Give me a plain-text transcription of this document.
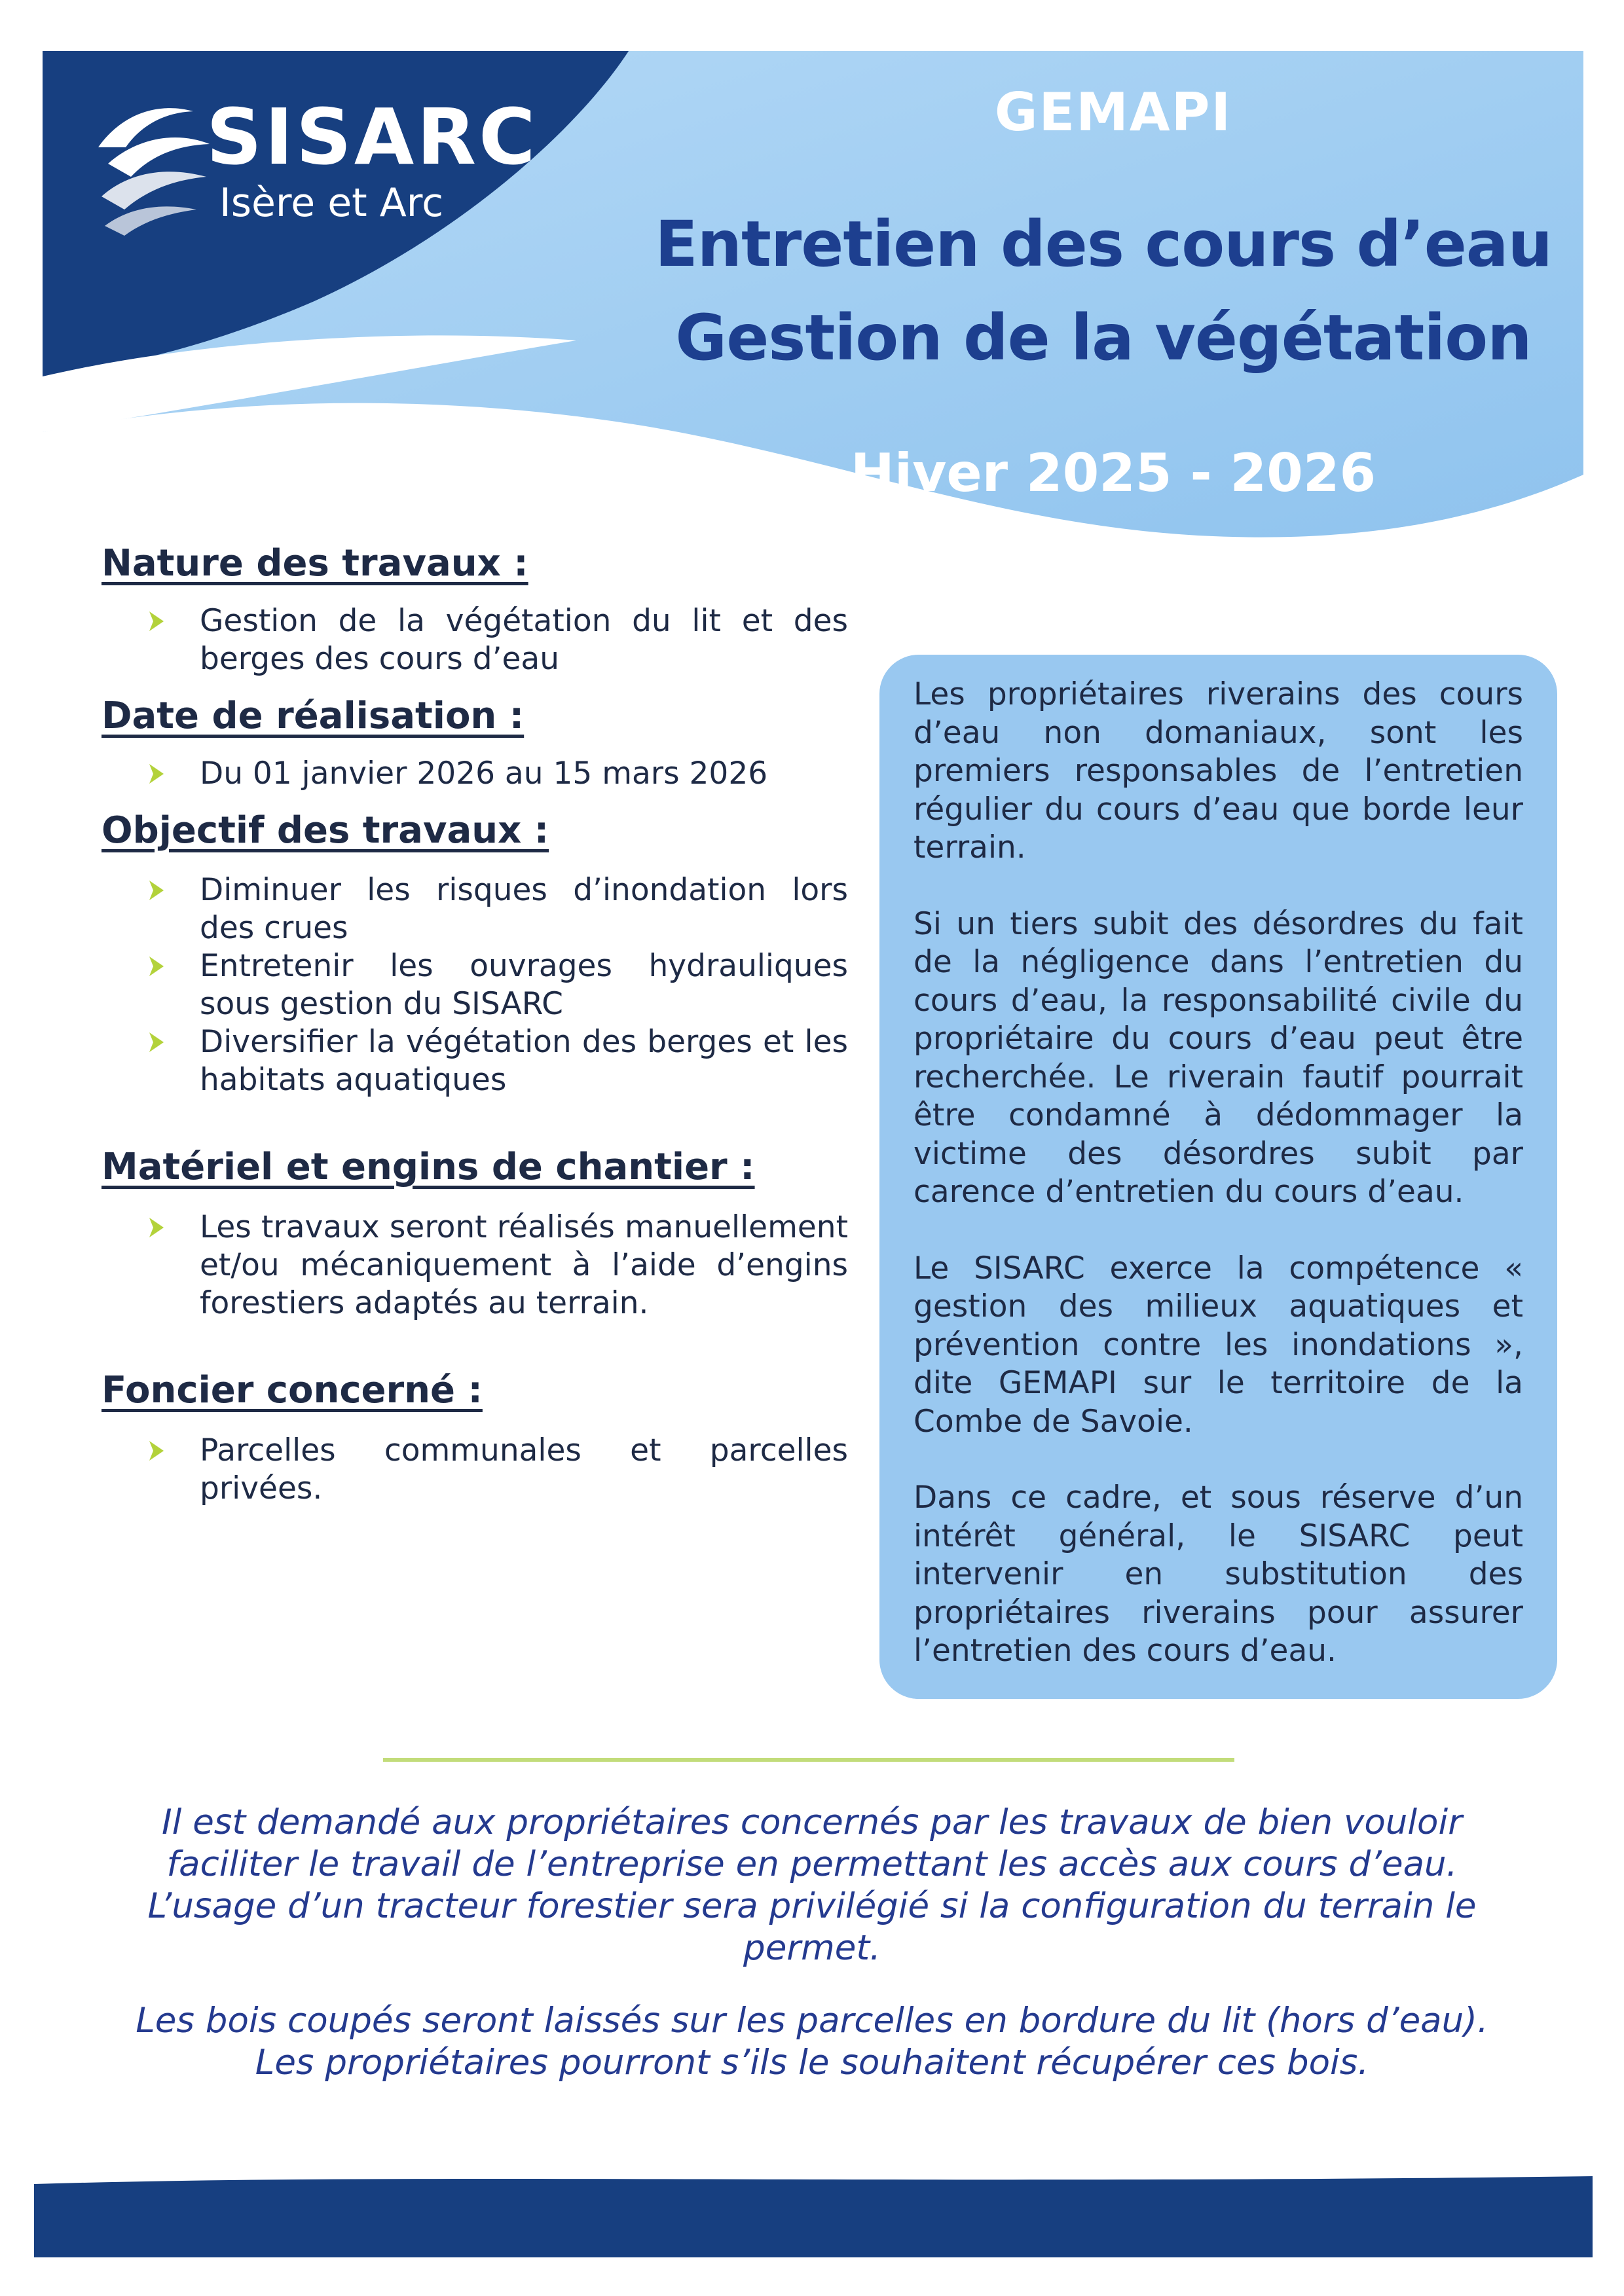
SISARC
Isère et Arc
GEMAPI
Entretien des cours d’eau
Gestion de la végétation
Hiver 2025 - 2026
Nature des travaux :
Gestion de la végétation du lit et des berges des cours d’eau
Date de réalisation :
Du 01 janvier 2026 au 15 mars 2026
Objectif des travaux :
Diminuer les risques d’inondation lors des crues
Entretenir les ouvrages hydrauliques sous gestion du SISARC
Diversifier la végétation des berges et les habitats aquatiques
Matériel et engins de chantier :
Les travaux seront réalisés manuellement et/ou mécaniquement à l’aide d’engins forestiers adaptés au terrain.
Foncier concerné :
Parcelles communales et parcelles privées.

Les propriétaires riverains des cours d’eau non domaniaux, sont les premiers responsables de l’entretien régulier du cours d’eau que borde leur terrain.

Si un tiers subit des désordres du fait de la négligence dans l’entretien du cours d’eau, la responsabilité civile du propriétaire du cours d’eau peut être recherchée. Le riverain fautif pourrait être condamné à dédommager la victime des désordres subit par carence d’entretien du cours d’eau.

Le SISARC exerce la compétence « gestion des milieux aquatiques et prévention contre les inondations », dite GEMAPI sur le territoire de la Combe de Savoie.

Dans ce cadre, et sous réserve d’un intérêt général, le SISARC peut intervenir en substitution des propriétaires riverains pour assurer l’entretien des cours d’eau.

Il est demandé aux propriétaires concernés par les travaux de bien vouloir faciliter le travail de l’entreprise en permettant les accès aux cours d’eau. L’usage d’un tracteur forestier sera privilégié si la configuration du terrain le permet.
Les bois coupés seront laissés sur les parcelles en bordure du lit (hors d’eau). Les propriétaires pourront s’ils le souhaitent récupérer ces bois.
